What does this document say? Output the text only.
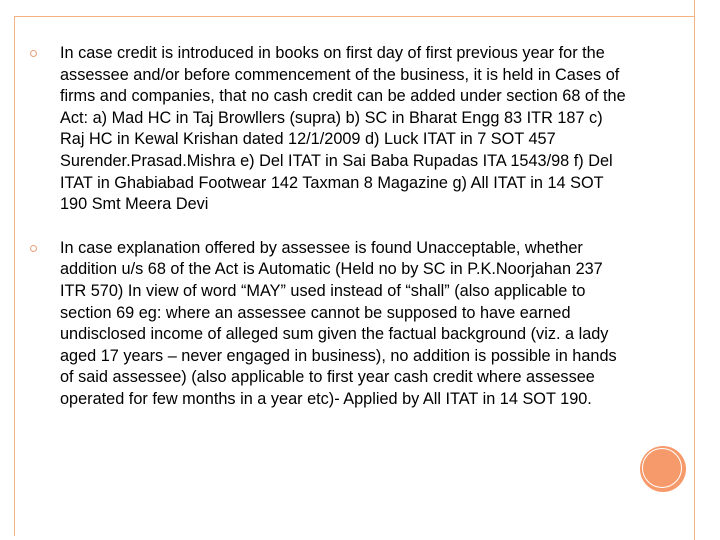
In case credit is introduced in books on first day of first previous year for the assessee and/or before commencement of the business, it is held in Cases of firms and companies, that no cash credit can be added under section 68 of the Act: a) Mad HC in Taj Browllers (supra) b) SC in Bharat Engg 83 ITR 187 c) Raj HC in Kewal Krishan dated 12/1/2009 d) Luck ITAT in 7 SOT 457 Surender.Prasad.Mishra e) Del ITAT in Sai Baba Rupadas ITA 1543/98 f) Del ITAT in Ghabiabad Footwear 142 Taxman 8 Magazine g) All ITAT in 14 SOT 190 Smt Meera Devi
In case explanation offered by assessee is found Unacceptable, whether addition u/s 68 of the Act is Automatic (Held no by SC in P.K.Noorjahan 237 ITR 570) In view of word “MAY” used instead of “shall” (also applicable to section 69 eg: where an assessee cannot be supposed to have earned undisclosed income of alleged sum given the factual background (viz. a lady aged 17 years – never engaged in business), no addition is possible in hands of said assessee) (also applicable to first year cash credit where assessee operated for few months in a year etc)- Applied by All ITAT in 14 SOT 190.
